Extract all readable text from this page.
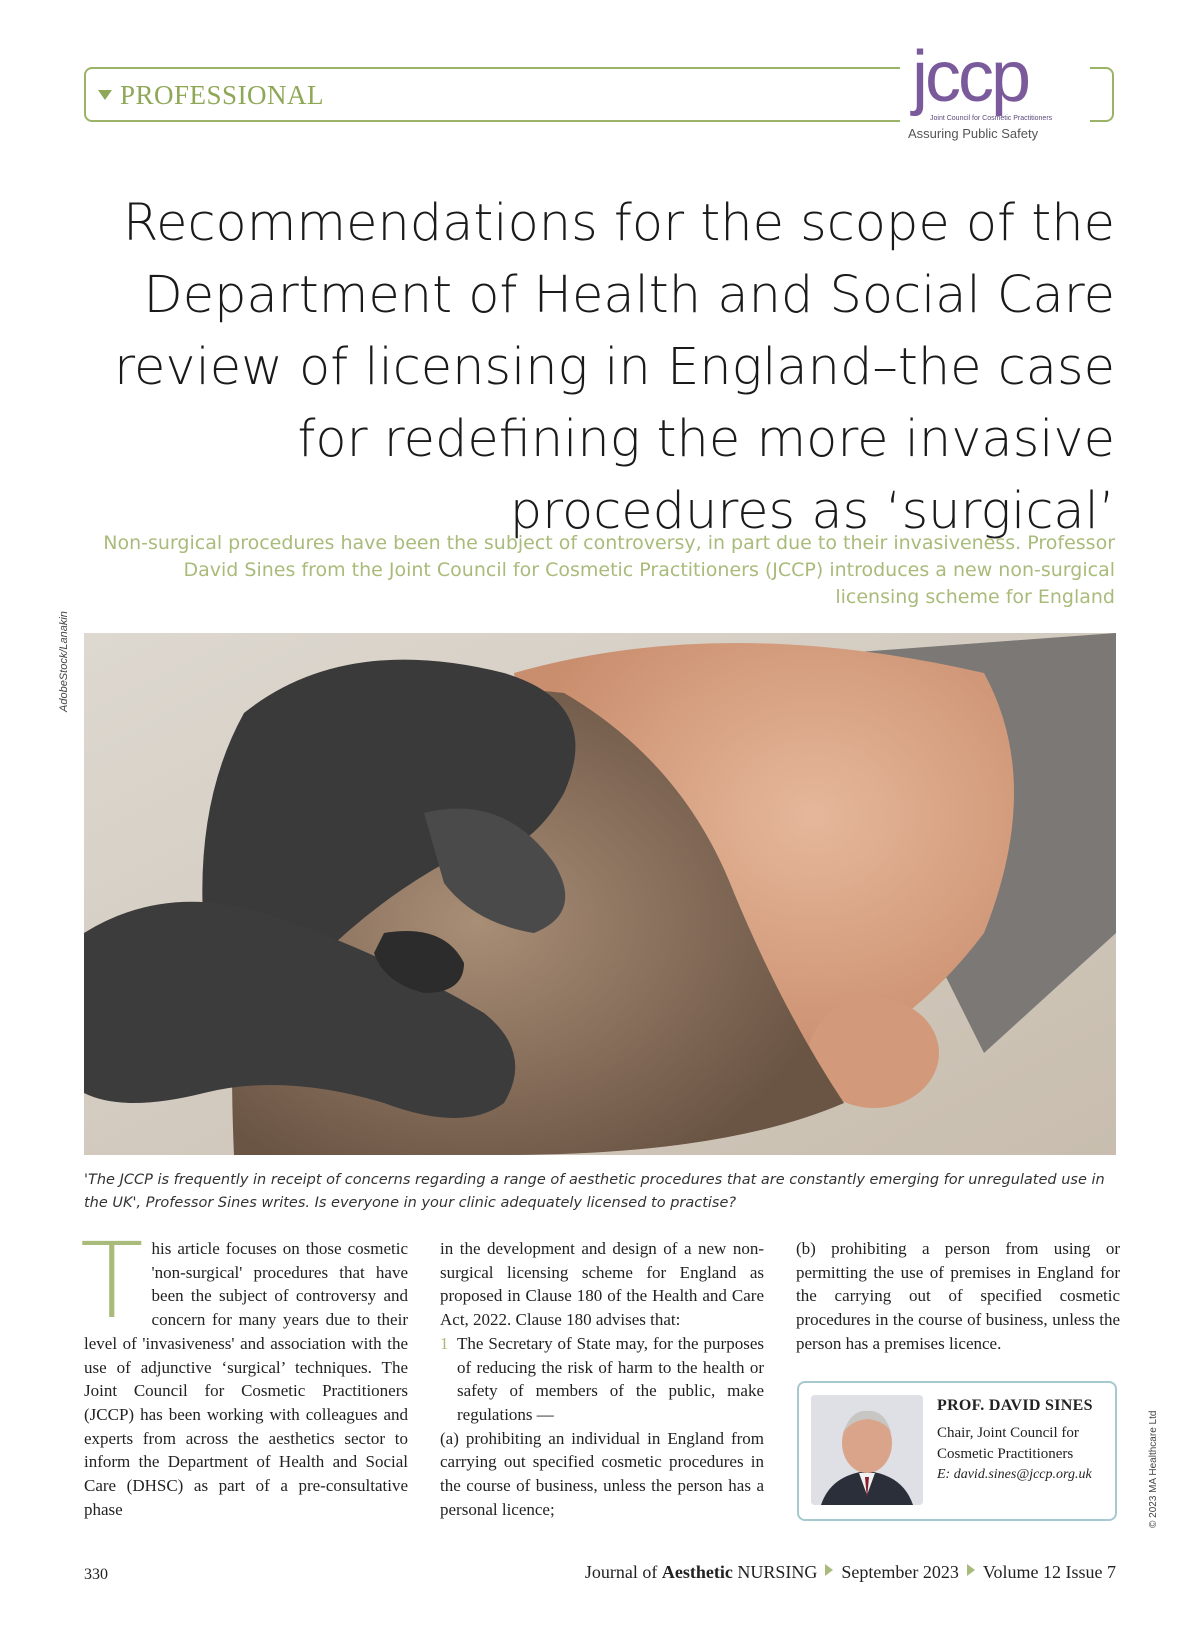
PROFESSIONAL	jccp
Joint Council for Cosmetic Practitioners
Assuring Public Safety
Recommendations for the scope of the Department of Health and Social Care review of licensing in England–the case for redefining the more invasive procedures as ‘surgical’

Non-surgical procedures have been the subject of controversy, in part due to their invasiveness. Professor David Sines from the Joint Council for Cosmetic Practitioners (JCCP) introduces a new non-surgical licensing scheme for England

AdobeStock/Lanakin

'The JCCP is frequently in receipt of concerns regarding a range of aesthetic procedures that are constantly emerging for unregulated use in the UK', Professor Sines writes. Is everyone in your clinic adequately licensed to practise?

This article focuses on those cosmetic 'non-surgical' procedures that have been the subject of controversy and concern for many years due to their level of 'invasiveness' and association with the use of adjunctive ‘surgical’ techniques. The Joint Council for Cosmetic Practitioners (JCCP) has been working with colleagues and experts from across the aesthetics sector to inform the Department of Health and Social Care (DHSC) as part of a pre-consultative phase

in the development and design of a new non-surgical licensing scheme for England as proposed in Clause 180 of the Health and Care Act, 2022. Clause 180 advises that:

1 The Secretary of State may, for the purposes of reducing the risk of harm to the health or safety of members of the public, make regulations —

(a) prohibiting an individual in England from carrying out specified cosmetic procedures in the course of business, unless the person has a personal licence;

(b) prohibiting a person from using or permitting the use of premises in England for the carrying out of specified cosmetic procedures in the course of business, unless the person has a premises licence.

PROF. DAVID SINES
Chair, Joint Council for Cosmetic Practitioners
E: david.sines@jccp.org.uk	© 2023 MA Healthcare Ltd
330	Journal of Aesthetic NURSING September 2023 Volume 12 Issue 7
